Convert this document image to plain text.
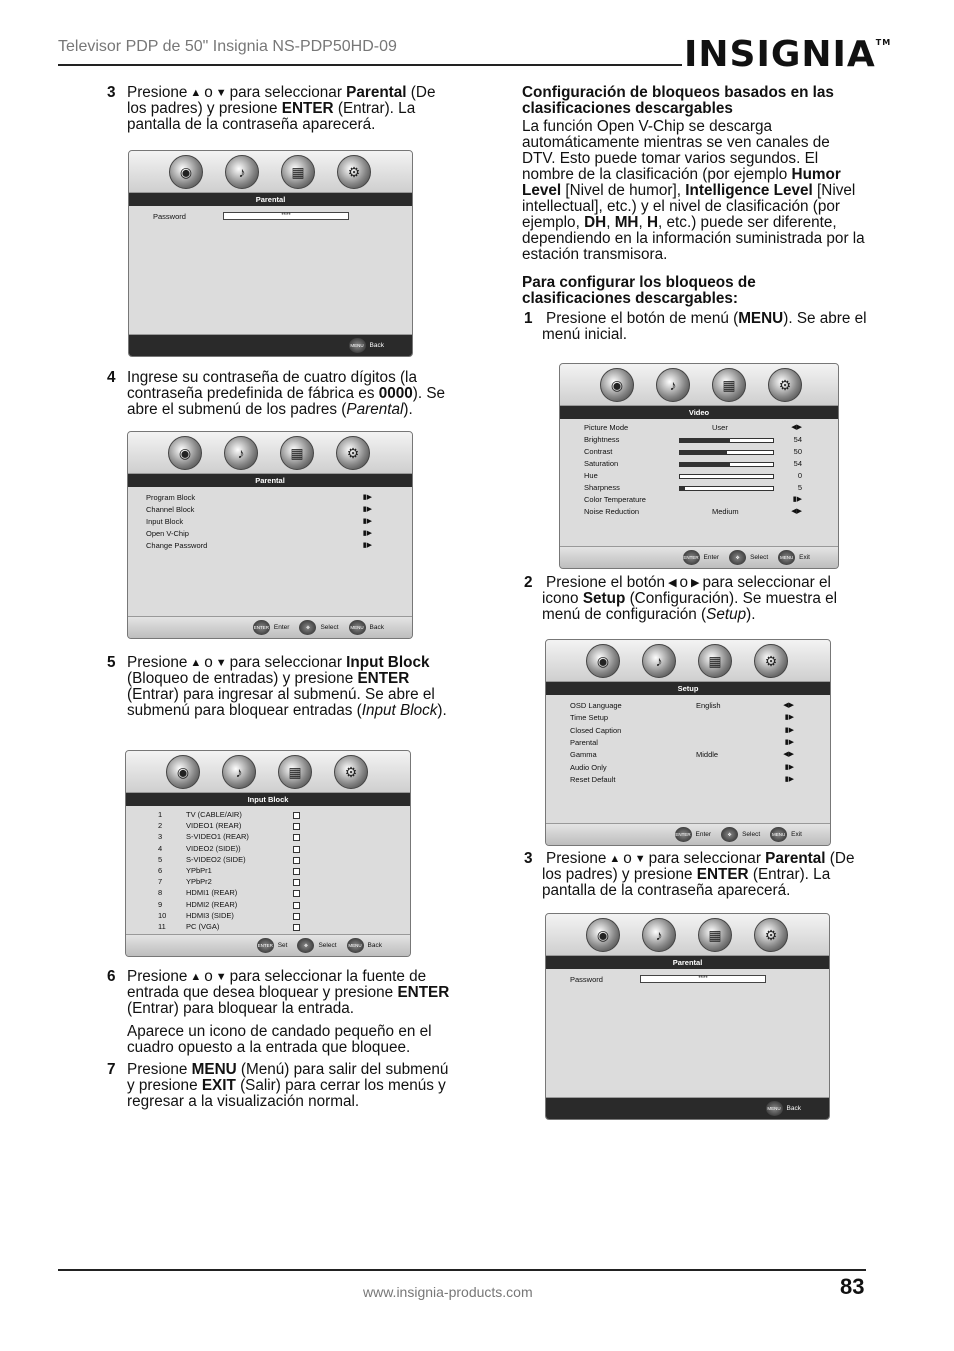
Televisor PDP de 50" Insignia NS-PDP50HD-09	INSIGNIA™
3 Presione ▲ o ▼ para seleccionar Parental (De los padres) y presione ENTER (Entrar). La pantalla de la contraseña aparecerá.
4 Ingrese su contraseña de cuatro dígitos (la contraseña predefinida de fábrica es 0000). Se abre el submenú de los padres (Parental).
5 Presione ▲ o ▼ para seleccionar Input Block (Bloqueo de entradas) y presione ENTER (Entrar) para ingresar al submenú. Se abre el submenú para bloquear entradas (Input Block).
6 Presione ▲ o ▼ para seleccionar la fuente de entrada que desea bloquear y presione ENTER (Entrar) para bloquear la entrada.
Aparece un icono de candado pequeño en el cuadro opuesto a la entrada que bloquee.
7 Presione MENU (Menú) para salir del submenú y presione EXIT (Salir) para cerrar los menús y regresar a la visualización normal.
Configuración de bloqueos basados en las clasificaciones descargables
La función Open V-Chip se descarga automáticamente mientras se ven canales de DTV. Esto puede tomar varios segundos. El nombre de la clasificación (por ejemplo Humor Level [Nivel de humor], Intelligence Level [Nivel intellectual], etc.) y el nivel de clasificación (por ejemplo, DH, MH, H, etc.) puede ser diferente, dependiendo en la información suministrada por la estación transmisora.
Para configurar los bloqueos de clasificaciones descargables:
1 Presione el botón de menú (MENU). Se abre el menú inicial.
2 Presione el botón ◀ o ▶ para seleccionar el icono Setup (Configuración). Se muestra el menú de configuración (Setup).
3 Presione ▲ o ▼ para seleccionar Parental (De los padres) y presione ENTER (Entrar). La pantalla de la contraseña aparecerá.
◉	♪	▦	⚙
Parental
Password	****
MENU Back
◉	♪	▦	⚙
Parental
Program Block	▮▶
Channel Block	▮▶
Input Block	▮▶
Open V-Chip	▮▶
Change Password	▮▶
ENTER Enter	✥	Select	MENU Back
◉	♪	▦	⚙
Input Block
1	TV (CABLE/AIR)
2	VIDEO1 (REAR)
3	S-VIDEO1 (REAR)
4	VIDEO2 (SIDE))
5	S-VIDEO2 (SIDE)
6	YPbPr1
7	YPbPr2
8	HDMI1 (REAR)
9	HDMI2 (REAR)
10	HDMI3 (SIDE)
11	PC (VGA)
ENTER Set	✥	Select	MENU Back
◉	♪	▦	⚙
Video
Picture Mode	User	◀▶
Brightness	54
Contrast	50
Saturation	54
Hue	0
Sharpness	5
Color Temperature	▮▶
Noise Reduction	Medium	◀▶
ENTER Enter	✥	Select	MENU Exit
◉	♪	▦	⚙
Setup
OSD Language	English	◀▶
Time Setup	▮▶
Closed Caption	▮▶
Parental	▮▶
Gamma	Middle	◀▶
Audio Only	▮▶
Reset Default	▮▶
ENTER Enter	✥	Select	MENU Exit
◉	♪	▦	⚙
Parental
Password	****
MENU Back
www.insignia-products.com	83
